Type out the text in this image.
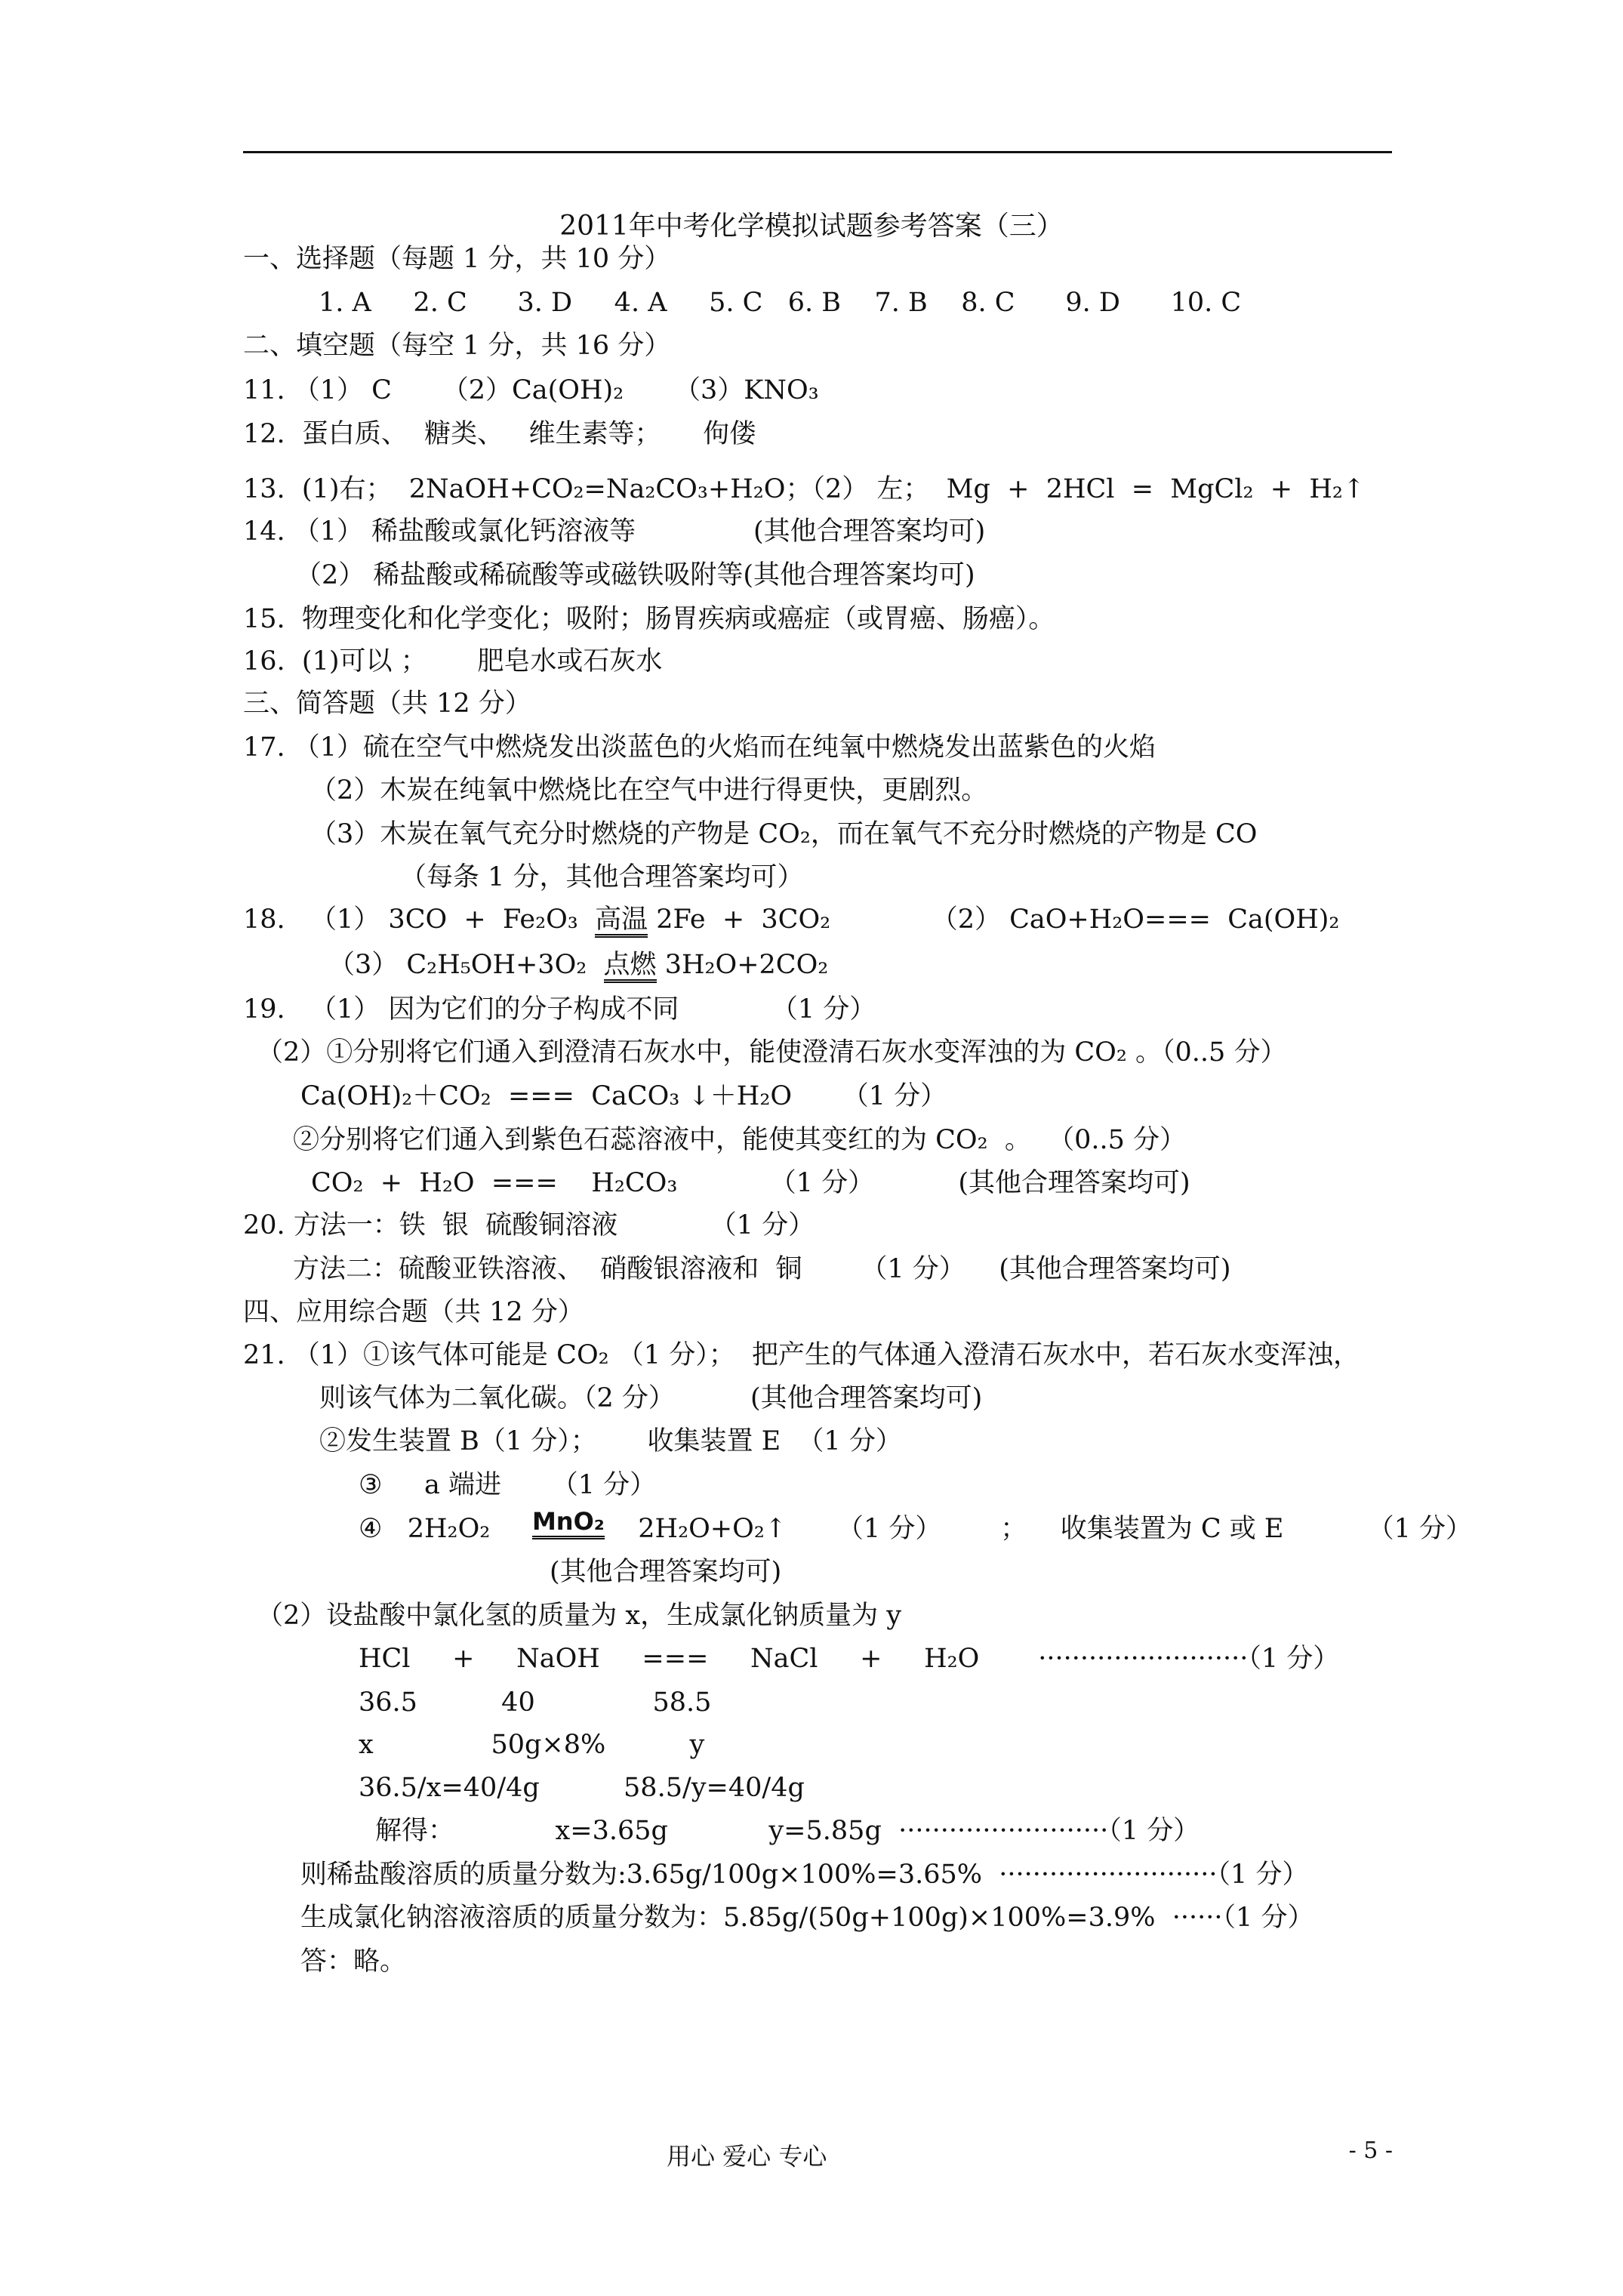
2011年中考化学模拟试题参考答案（三）
一、选择题（每题 1 分，共 10 分）
1. A     2. C      3. D     4. A     5. C   6. B    7. B    8. C      9. D      10. C
二、填空题（每空 1 分，共 16 分）
11. （1） C      （2）Ca(OH)₂      （3）KNO₃
12.  蛋白质、  糖类、   维生素等；     佝偻
13.  (1)右；  2NaOH+CO₂=Na₂CO₃+H₂O；（2） 左；  Mg  +  2HCl  =  MgCl₂  +  H₂↑
14. （1） 稀盐酸或氯化钙溶液等              (其他合理答案均可)
（2） 稀盐酸或稀硫酸等或磁铁吸附等(其他合理答案均可)
15.  物理变化和化学变化；吸附；肠胃疾病或癌症（或胃癌、肠癌）。
16.  (1)可以 ；      肥皂水或石灰水
三、简答题（共 12 分）
17. （1）硫在空气中燃烧发出淡蓝色的火焰而在纯氧中燃烧发出蓝紫色的火焰
（2）木炭在纯氧中燃烧比在空气中进行得更快，更剧烈。
（3）木炭在氧气充分时燃烧的产物是 CO₂，而在氧气不充分时燃烧的产物是 CO
（每条 1 分，其他合理答案均可）
18.   （1） 3CO  +  Fe₂O₃  高温 2Fe  +  3CO₂            （2） CaO+H₂O===  Ca(OH)₂
（3） C₂H₅OH+3O₂  点燃 3H₂O+2CO₂
19.   （1） 因为它们的分子构成不同           （1 分）
（2）①分别将它们通入到澄清石灰水中，能使澄清石灰水变浑浊的为 CO₂ 。（0..5 分）
Ca(OH)₂＋CO₂  ===  CaCO₃ ↓＋H₂O      （1 分）
②分别将它们通入到紫色石蕊溶液中，能使其变红的为 CO₂  。  （0..5 分）
CO₂  +  H₂O  ===    H₂CO₃           （1 分）          (其他合理答案均可)
20. 方法一：铁  银  硫酸铜溶液           （1 分）
方法二：硫酸亚铁溶液、  硝酸银溶液和  铜       （1 分）    (其他合理答案均可)
四、应用综合题（共 12 分）
21. （1）①该气体可能是 CO₂ （1 分）；  把产生的气体通入澄清石灰水中，若石灰水变浑浊，
则该气体为二氧化碳。（2 分）         (其他合理答案均可)
②发生装置 B（1 分）；      收集装置 E  （1 分）
③     a 端进      （1 分）
④   2H₂O₂     MnO₂    2H₂O+O₂↑      （1 分）       ；    收集装置为 C 或 E          （1 分）
(其他合理答案均可)
（2）设盐酸中氯化氢的质量为 x，生成氯化钠质量为 y
HCl     +     NaOH     ===     NaCl     +     H₂O       ·························（1 分）
36.5          40              58.5
x              50g×8%          y
36.5/x=40/4g          58.5/y=40/4g
解得：            x=3.65g            y=5.85g  ·························（1 分）
则稀盐酸溶质的质量分数为:3.65g/100g×100%=3.65%  ··························（1 分）
生成氯化钠溶液溶质的质量分数为：5.85g/(50g+100g)×100%=3.9%  ······（1 分）
答：略。
用心 爱心 专心	- 5 -
